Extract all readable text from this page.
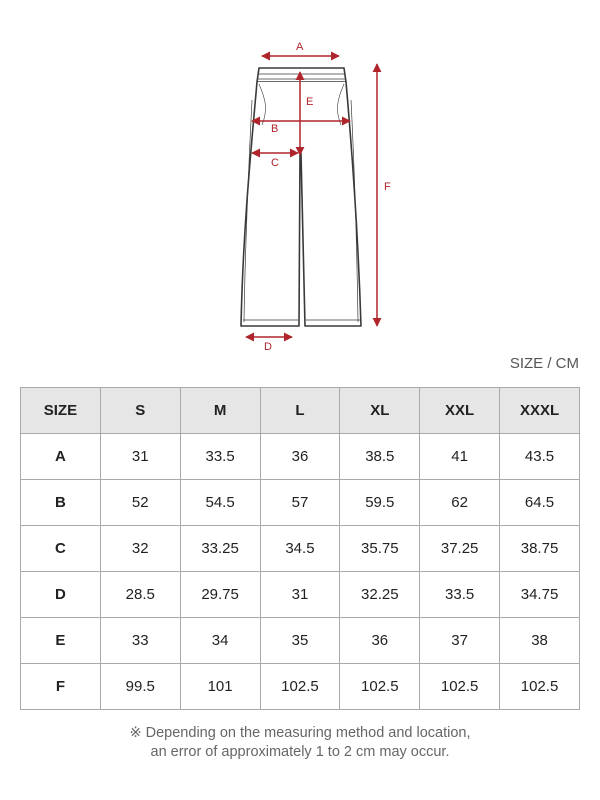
A
B
C
D
E
F
SIZE / CM
SIZE	S	M	L	XL	XXL	XXXL
A	31	33.5	36	38.5	41	43.5
B	52	54.5	57	59.5	62	64.5
C	32	33.25	34.5	35.75	37.25	38.75
D	28.5	29.75	31	32.25	33.5	34.75
E	33	34	35	36	37	38
F	99.5	101	102.5	102.5	102.5	102.5
※ Depending on the measuring method and location,
an error of approximately 1 to 2 cm may occur.
